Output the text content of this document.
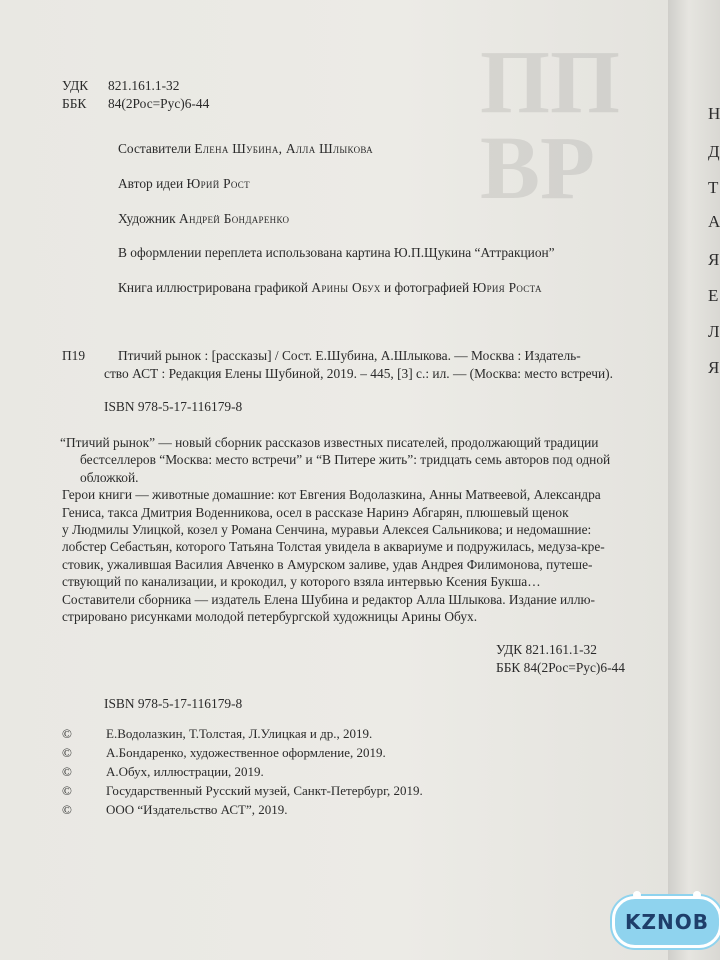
ПП
ВР
УДК 821.161.1-32
ББК 84(2Рос=Рус)6-44
Составители Елена Шубина, Алла Шлыкова
Автор идеи Юрий Рост
Художник Андрей Бондаренко
В оформлении переплета использована картина Ю.П.Щукина “Аттракцион”
Книга иллюстрирована графикой Арины Обух и фотографией Юрия Роста
П19 Птичий рынок : [рассказы] / Сост. Е.Шубина, А.Шлыкова. — Москва : Издатель-
ство АСТ : Редакция Елены Шубиной, 2019. – 445, [3] с.: ил. — (Москва: место встречи).
ISBN 978-5-17-116179-8

“Птичий рынок” — новый сборник рассказов известных писателей, продолжающий традиции

бестселлеров “Москва: место встречи” и “В Питере жить”: тридцать семь авторов под одной

обложкой.

Герои книги — животные домашние: кот Евгения Водолазкина, Анны Матвеевой, Александра

Гениса, такса Дмитрия Воденникова, осел в рассказе Наринэ Абгарян, плюшевый щенок

у Людмилы Улицкой, козел у Романа Сенчина, муравьи Алексея Сальникова; и недомашние:

лобстер Себастьян, которого Татьяна Толстая увидела в аквариуме и подружилась, медуза-кре-

стовик, ужалившая Василия Авченко в Амурском заливе, удав Андрея Филимонова, путеше-

ствующий по канализации, и крокодил, у которого взяла интервью Ксения Букша…

Составители сборника — издатель Елена Шубина и редактор Алла Шлыкова. Издание иллю-

стрировано рисунками молодой петербургской художницы Арины Обух.

УДК 821.161.1-32
ББК 84(2Рос=Рус)6-44
ISBN 978-5-17-116179-8
©	Е.Водолазкин, Т.Толстая, Л.Улицкая и др., 2019.
©	А.Бондаренко, художественное оформление, 2019.
©	А.Обух, иллюстрации, 2019.
©	Государственный Русский музей, Санкт-Петербург, 2019.
©	ООО “Издательство АСТ”, 2019.
Н
Д
Т
А
Я
Е
Л
Я
KZNOB
